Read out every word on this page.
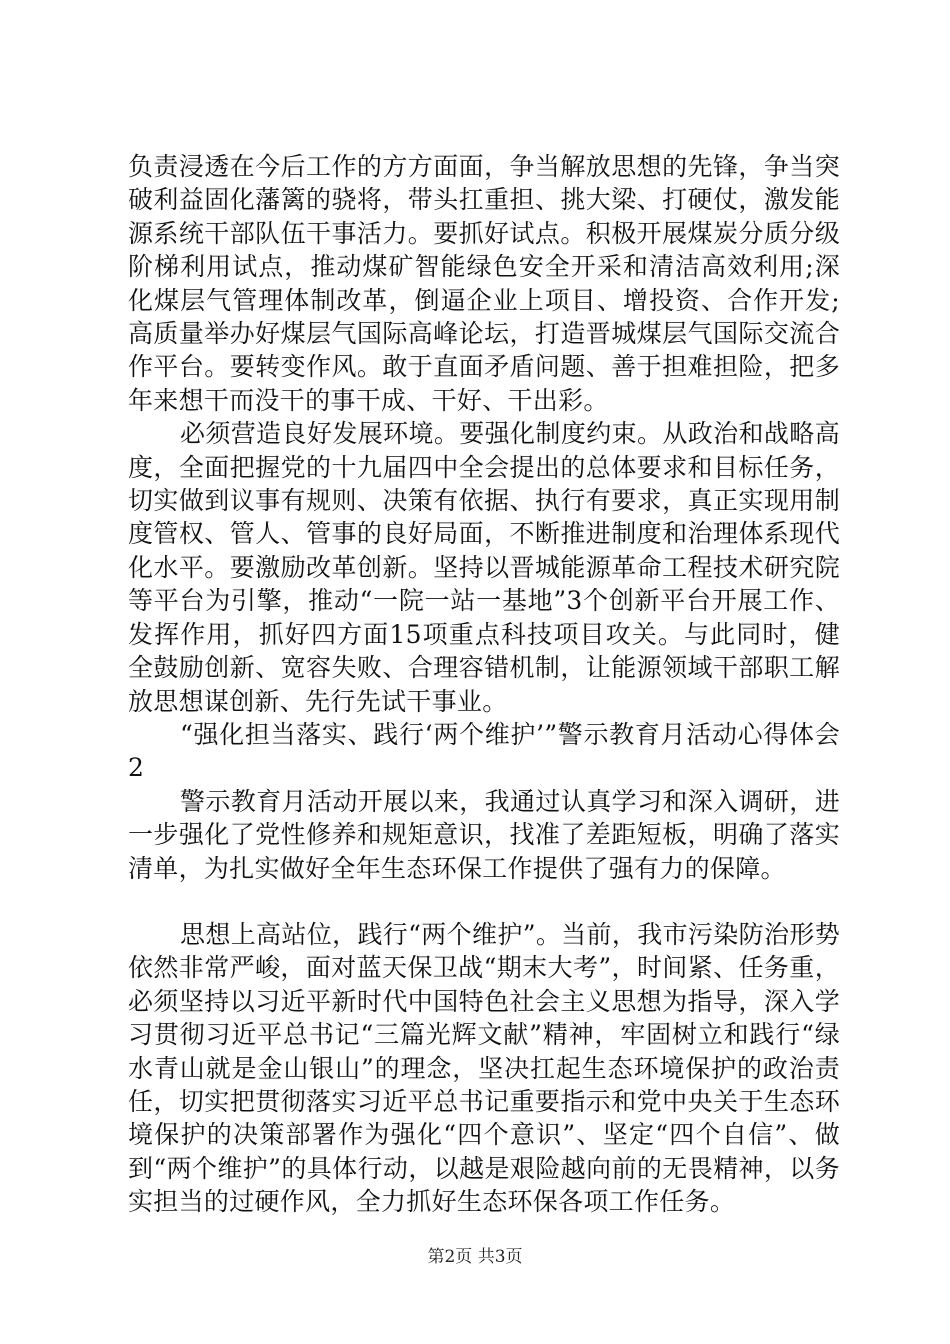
负责浸透在今后工作的方方面面，争当解放思想的先锋，争当突破利益固化藩篱的骁将，带头扛重担、挑大梁、打硬仗，激发能源系统干部队伍干事活力。要抓好试点。积极开展煤炭分质分级阶梯利用试点，推动煤矿智能绿色安全开采和清洁高效利用;深化煤层气管理体制改革，倒逼企业上项目、增投资、合作开发;高质量举办好煤层气国际高峰论坛，打造晋城煤层气国际交流合作平台。要转变作风。敢于直面矛盾问题、善于担难担险，把多年来想干而没干的事干成、干好、干出彩。

必须营造良好发展环境。要强化制度约束。从政治和战略高度，全面把握党的十九届四中全会提出的总体要求和目标任务，切实做到议事有规则、决策有依据、执行有要求，真正实现用制度管权、管人、管事的良好局面，不断推进制度和治理体系现代化水平。要激励改革创新。坚持以晋城能源革命工程技术研究院等平台为引擎，推动“一院一站一基地”3个创新平台开展工作、发挥作用，抓好四方面15项重点科技项目攻关。与此同时，健全鼓励创新、宽容失败、合理容错机制，让能源领域干部职工解放思想谋创新、先行先试干事业。

“强化担当落实、践行‘两个维护’”警示教育月活动心得体会2

警示教育月活动开展以来，我通过认真学习和深入调研，进一步强化了党性修养和规矩意识，找准了差距短板，明确了落实清单，为扎实做好全年生态环保工作提供了强有力的保障。

思想上高站位，践行“两个维护”。当前，我市污染防治形势依然非常严峻，面对蓝天保卫战“期末大考”，时间紧、任务重，必须坚持以习近平新时代中国特色社会主义思想为指导，深入学习贯彻习近平总书记“三篇光辉文献”精神，牢固树立和践行“绿水青山就是金山银山”的理念，坚决扛起生态环境保护的政治责任，切实把贯彻落实习近平总书记重要指示和党中央关于生态环境保护的决策部署作为强化“四个意识”、坚定“四个自信”、做到“两个维护”的具体行动，以越是艰险越向前的无畏精神，以务实担当的过硬作风，全力抓好生态环保各项工作任务。

第2页 共3页
